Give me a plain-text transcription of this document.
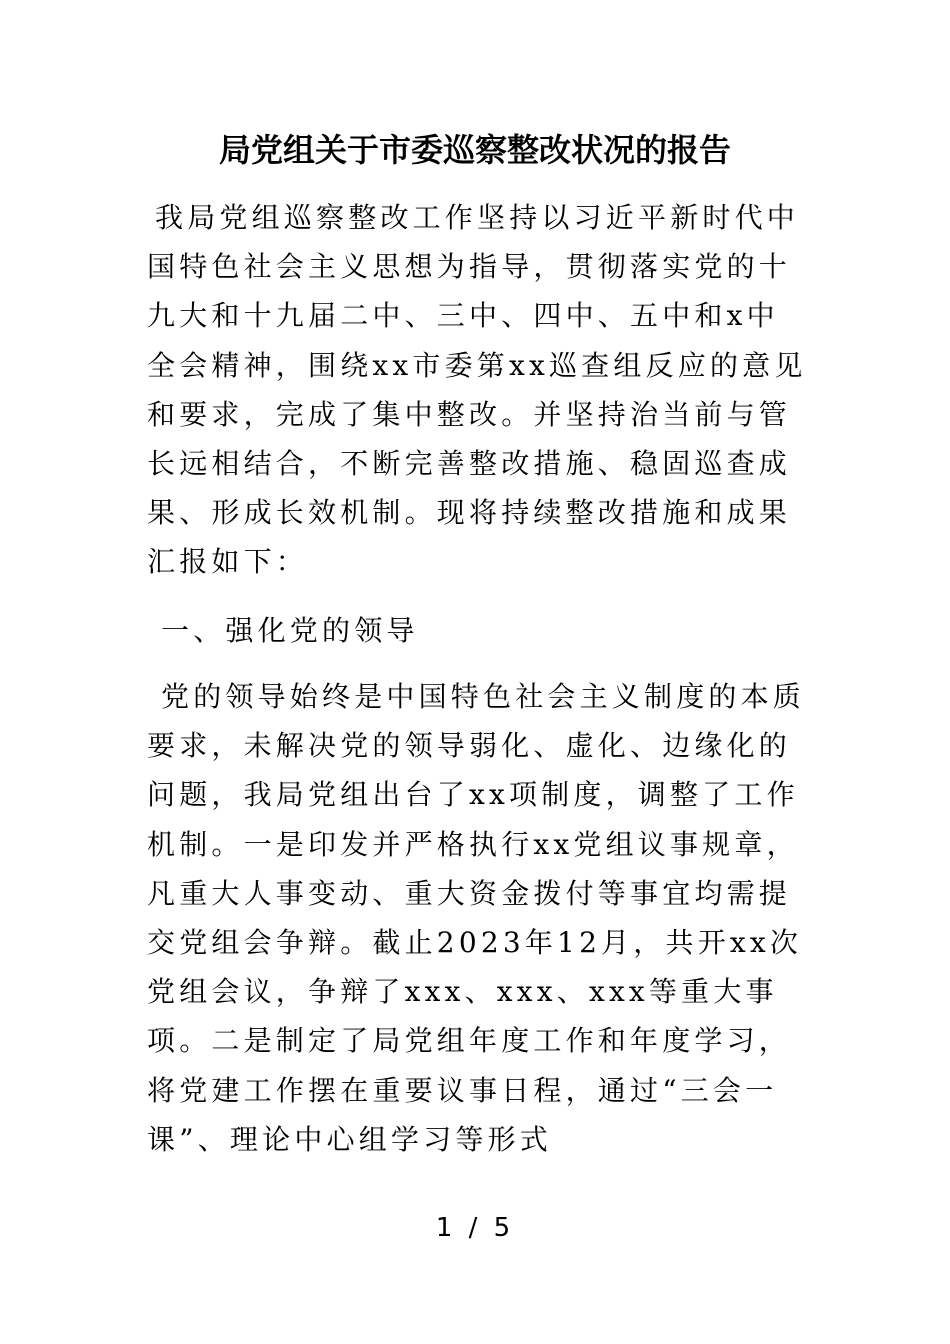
局党组关于市委巡察整改状况的报告

我局党组巡察整改工作坚持以习近平新时代中国特色社会主义思想为指导，贯彻落实党的十九大和十九届二中、三中、四中、五中和x中全会精神，围绕xx市委第xx巡查组反应的意见和要求，完成了集中整改。并坚持治当前与管长远相结合，不断完善整改措施、稳固巡查成果、形成长效机制。现将持续整改措施和成果汇报如下：

一、强化党的领导

党的领导始终是中国特色社会主义制度的本质要求，未解决党的领导弱化、虚化、边缘化的问题，我局党组出台了xx项制度，调整了工作机制。一是印发并严格执行xx党组议事规章，凡重大人事变动、重大资金拨付等事宜均需提交党组会争辩。截止2023年12月，共开xx次党组会议，争辩了xxx、xxx、xxx等重大事项。二是制定了局党组年度工作和年度学习，将党建工作摆在重要议事日程，通过“三会一课”、理论中心组学习等形式

1 / 5
